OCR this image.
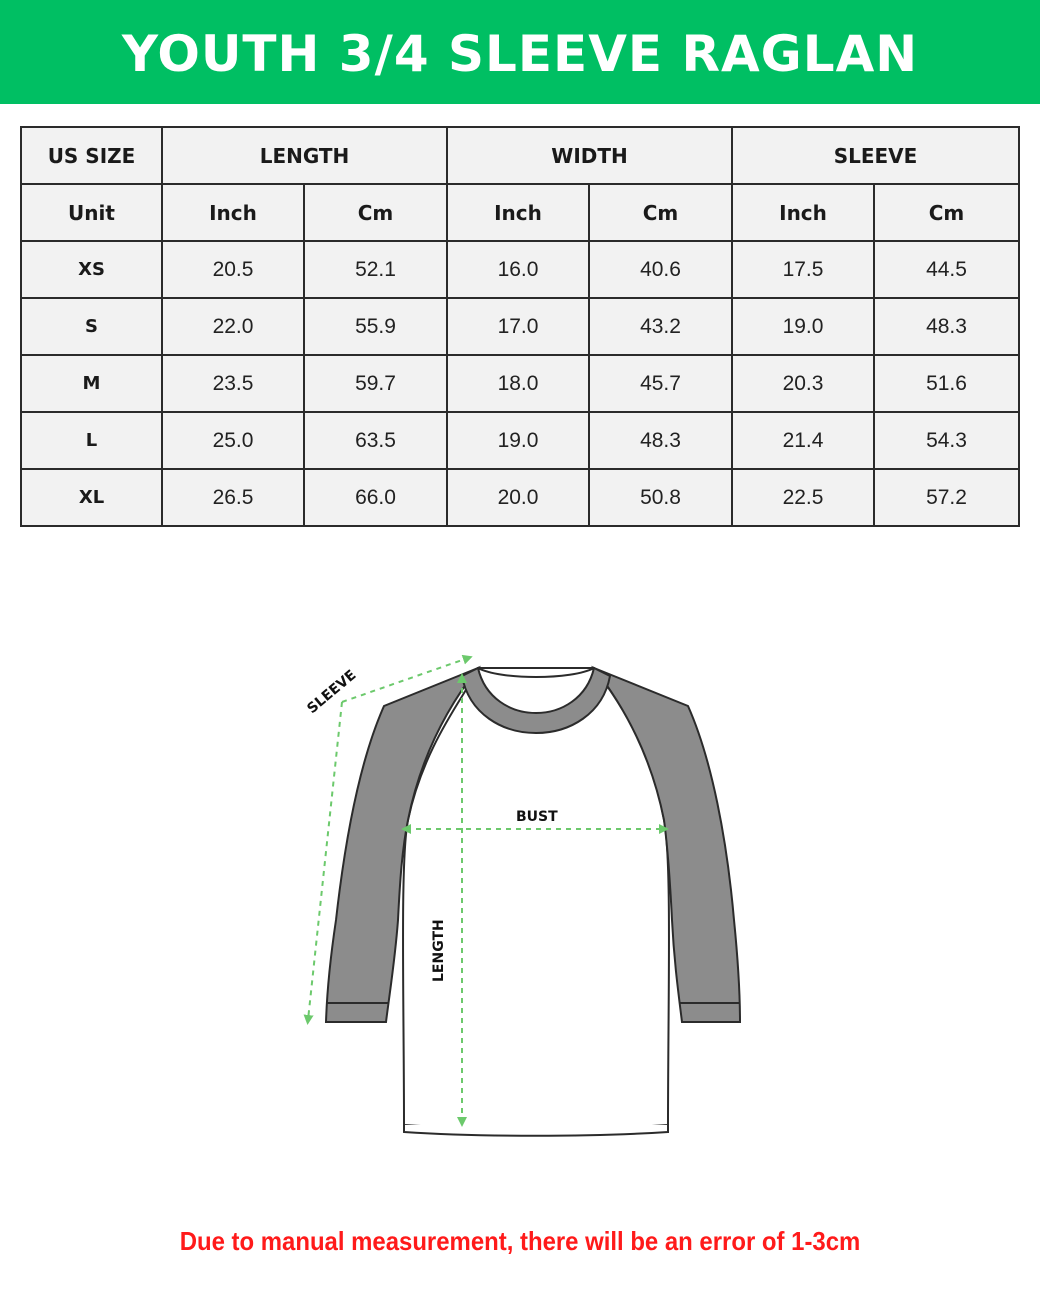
YOUTH 3/4 SLEEVE RAGLAN
US SIZE	LENGTH		WIDTH		SLEEVE	
Unit	Inch	Cm	Inch	Cm	Inch	Cm
XS	20.5	52.1	16.0	40.6	17.5	44.5
S	22.0	55.9	17.0	43.2	19.0	48.3
M	23.5	59.7	18.0	45.7	20.3	51.6
L	25.0	63.5	19.0	48.3	21.4	54.3
XL	26.5	66.0	20.0	50.8	22.5	57.2
SLEEVE
BUST
LENGTH
Due to manual measurement, there will be an error of 1-3cm
